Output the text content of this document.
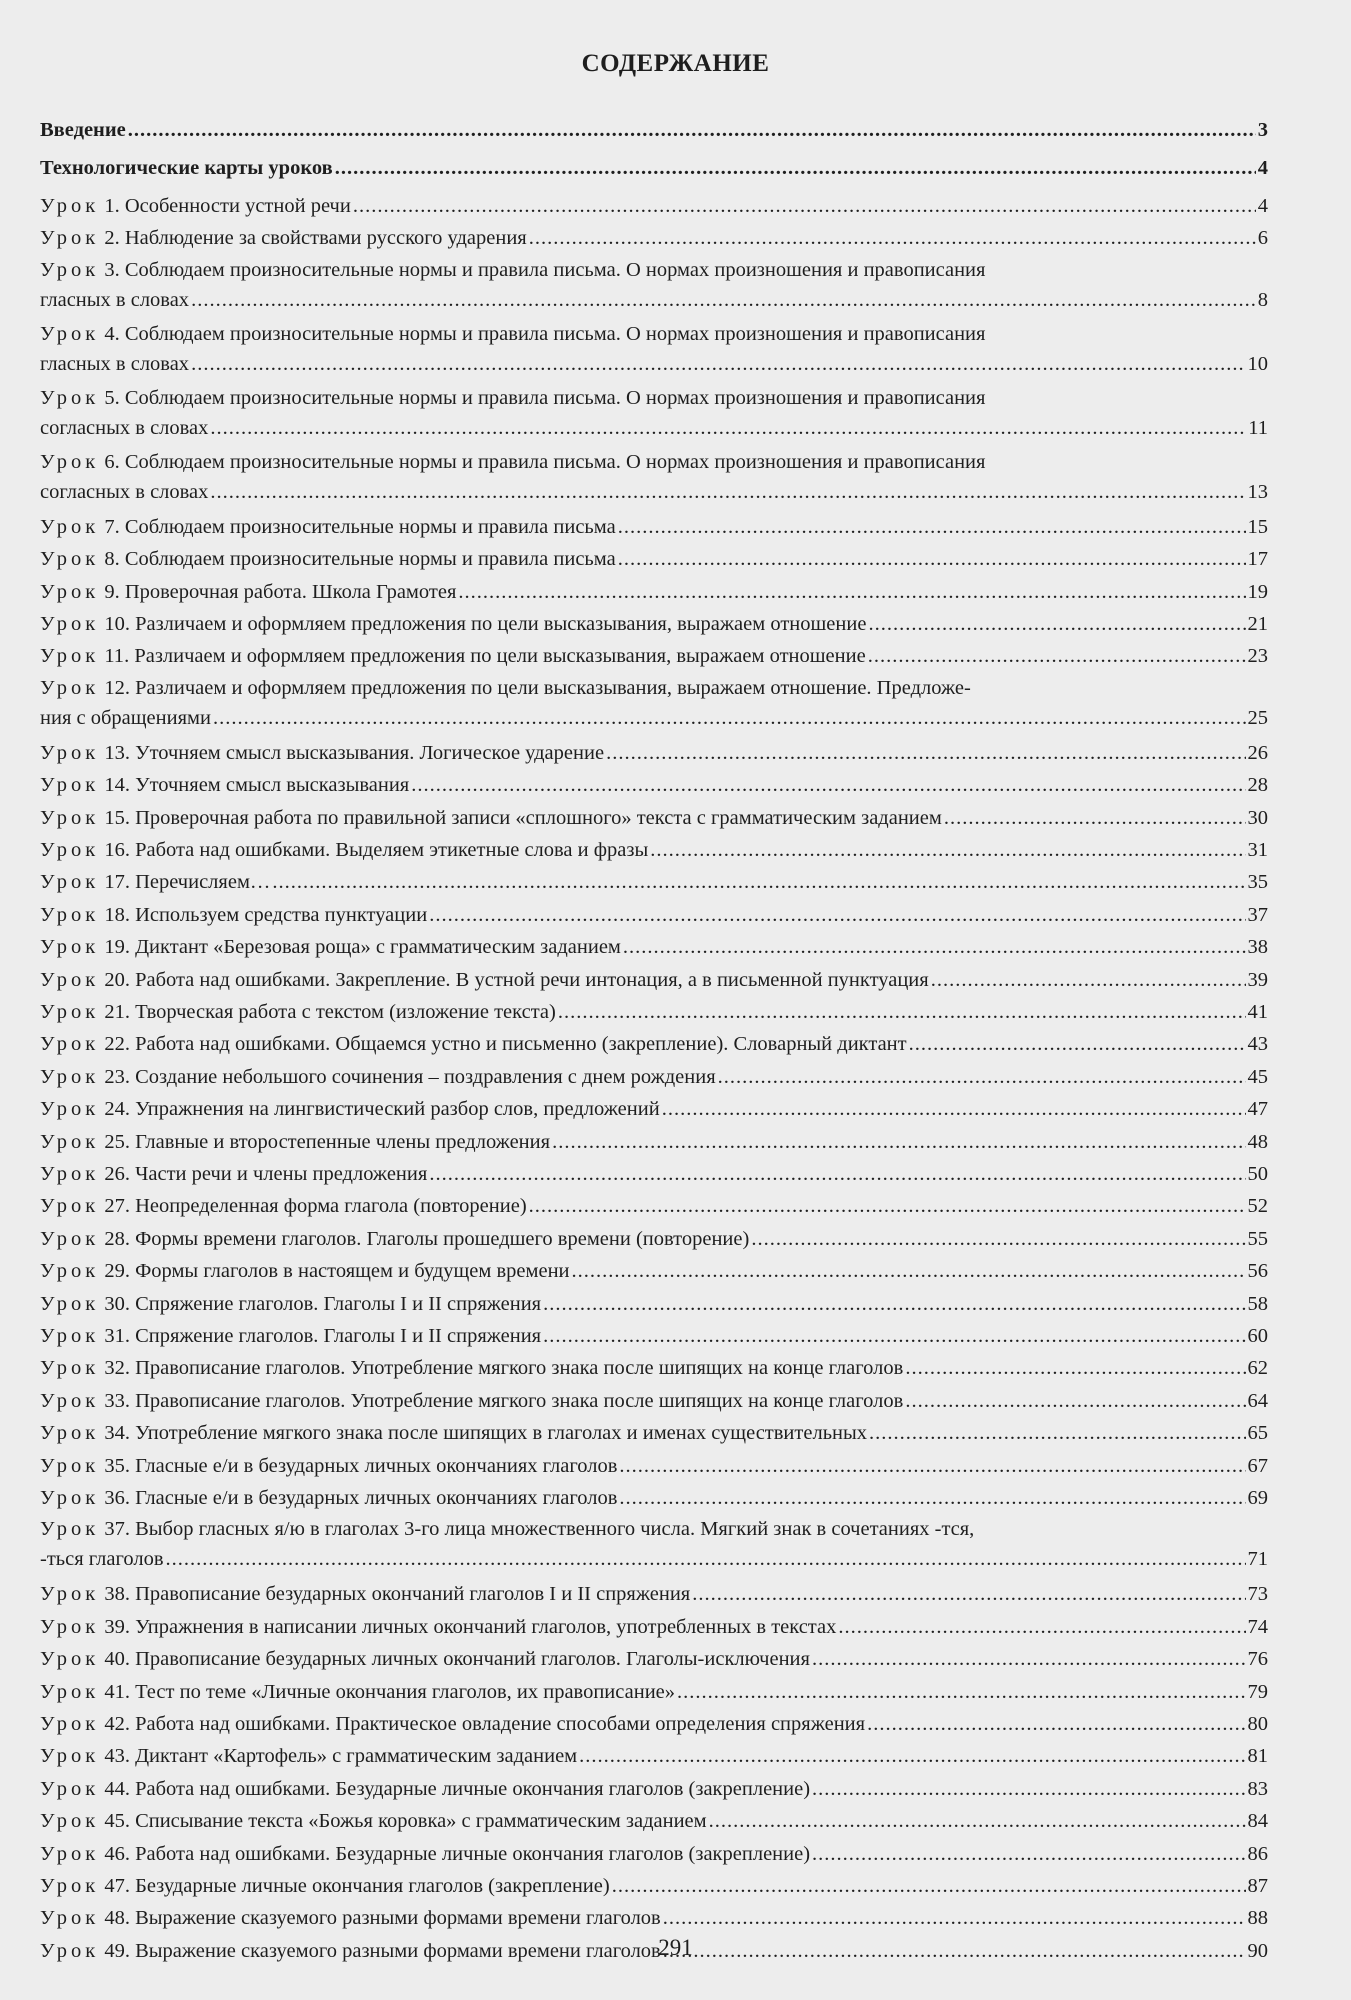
СОДЕРЖАНИЕ
Введение .....	3
Технологические карты уроков .....	4
Урок 1. Особенности устной речи .....	4
Урок 2. Наблюдение за свойствами русского ударения .....	6
Урок 3. Соблюдаем произносительные нормы и правила письма. О нормах произношения и правописания
гласных в словах .....	8
Урок 4. Соблюдаем произносительные нормы и правила письма. О нормах произношения и правописания
гласных в словах .....	10
Урок 5. Соблюдаем произносительные нормы и правила письма. О нормах произношения и правописания
согласных в словах .....	11
Урок 6. Соблюдаем произносительные нормы и правила письма. О нормах произношения и правописания
согласных в словах .....	13
Урок 7. Соблюдаем произносительные нормы и правила письма .....	15
Урок 8. Соблюдаем произносительные нормы и правила письма .....	17
Урок 9. Проверочная работа. Школа Грамотея .....	19
Урок 10. Различаем и оформляем предложения по цели высказывания, выражаем отношение .....	21
Урок 11. Различаем и оформляем предложения по цели высказывания, выражаем отношение .....	23
Урок 12. Различаем и оформляем предложения по цели высказывания, выражаем отношение. Предложе-
ния с обращениями .....	25
Урок 13. Уточняем смысл высказывания. Логическое ударение .....	26
Урок 14. Уточняем смысл высказывания .....	28
Урок 15. Проверочная работа по правильной записи «сплошного» текста с грамматическим заданием .....	30
Урок 16. Работа над ошибками. Выделяем этикетные слова и фразы .....	31
Урок 17. Перечисляем… .....	35
Урок 18. Используем средства пунктуации .....	37
Урок 19. Диктант «Березовая роща» с грамматическим заданием .....	38
Урок 20. Работа над ошибками. Закрепление. В устной речи интонация, а в письменной пунктуация .....	39
Урок 21. Творческая работа с текстом (изложение текста) .....	41
Урок 22. Работа над ошибками. Общаемся устно и письменно (закрепление). Словарный диктант .....	43
Урок 23. Создание небольшого сочинения – поздравления с днем рождения .....	45
Урок 24. Упражнения на лингвистический разбор слов, предложений .....	47
Урок 25. Главные и второстепенные члены предложения .....	48
Урок 26. Части речи и члены предложения .....	50
Урок 27. Неопределенная форма глагола (повторение) .....	52
Урок 28. Формы времени глаголов. Глаголы прошедшего времени (повторение) .....	55
Урок 29. Формы глаголов в настоящем и будущем времени .....	56
Урок 30. Спряжение глаголов. Глаголы I и II спряжения .....	58
Урок 31. Спряжение глаголов. Глаголы I и II спряжения .....	60
Урок 32. Правописание глаголов. Употребление мягкого знака после шипящих на конце глаголов .....	62
Урок 33. Правописание глаголов. Употребление мягкого знака после шипящих на конце глаголов .....	64
Урок 34. Употребление мягкого знака после шипящих в глаголах и именах существительных .....	65
Урок 35. Гласные е/и в безударных личных окончаниях глаголов .....	67
Урок 36. Гласные е/и в безударных личных окончаниях глаголов .....	69
Урок 37. Выбор гласных я/ю в глаголах 3-го лица множественного числа. Мягкий знак в сочетаниях -тся,
-ться глаголов .....	71
Урок 38. Правописание безударных окончаний глаголов I и II спряжения .....	73
Урок 39. Упражнения в написании личных окончаний глаголов, употребленных в текстах .....	74
Урок 40. Правописание безударных личных окончаний глаголов. Глаголы-исключения .....	76
Урок 41. Тест по теме «Личные окончания глаголов, их правописание» .....	79
Урок 42. Работа над ошибками. Практическое овладение способами определения спряжения .....	80
Урок 43. Диктант «Картофель» с грамматическим заданием .....	81
Урок 44. Работа над ошибками. Безударные личные окончания глаголов (закрепление) .....	83
Урок 45. Списывание текста «Божья коровка» с грамматическим заданием .....	84
Урок 46. Работа над ошибками. Безударные личные окончания глаголов (закрепление) .....	86
Урок 47. Безударные личные окончания глаголов (закрепление) .....	87
Урок 48. Выражение сказуемого разными формами времени глаголов .....	88
Урок 49. Выражение сказуемого разными формами времени глаголов .....	90
291
